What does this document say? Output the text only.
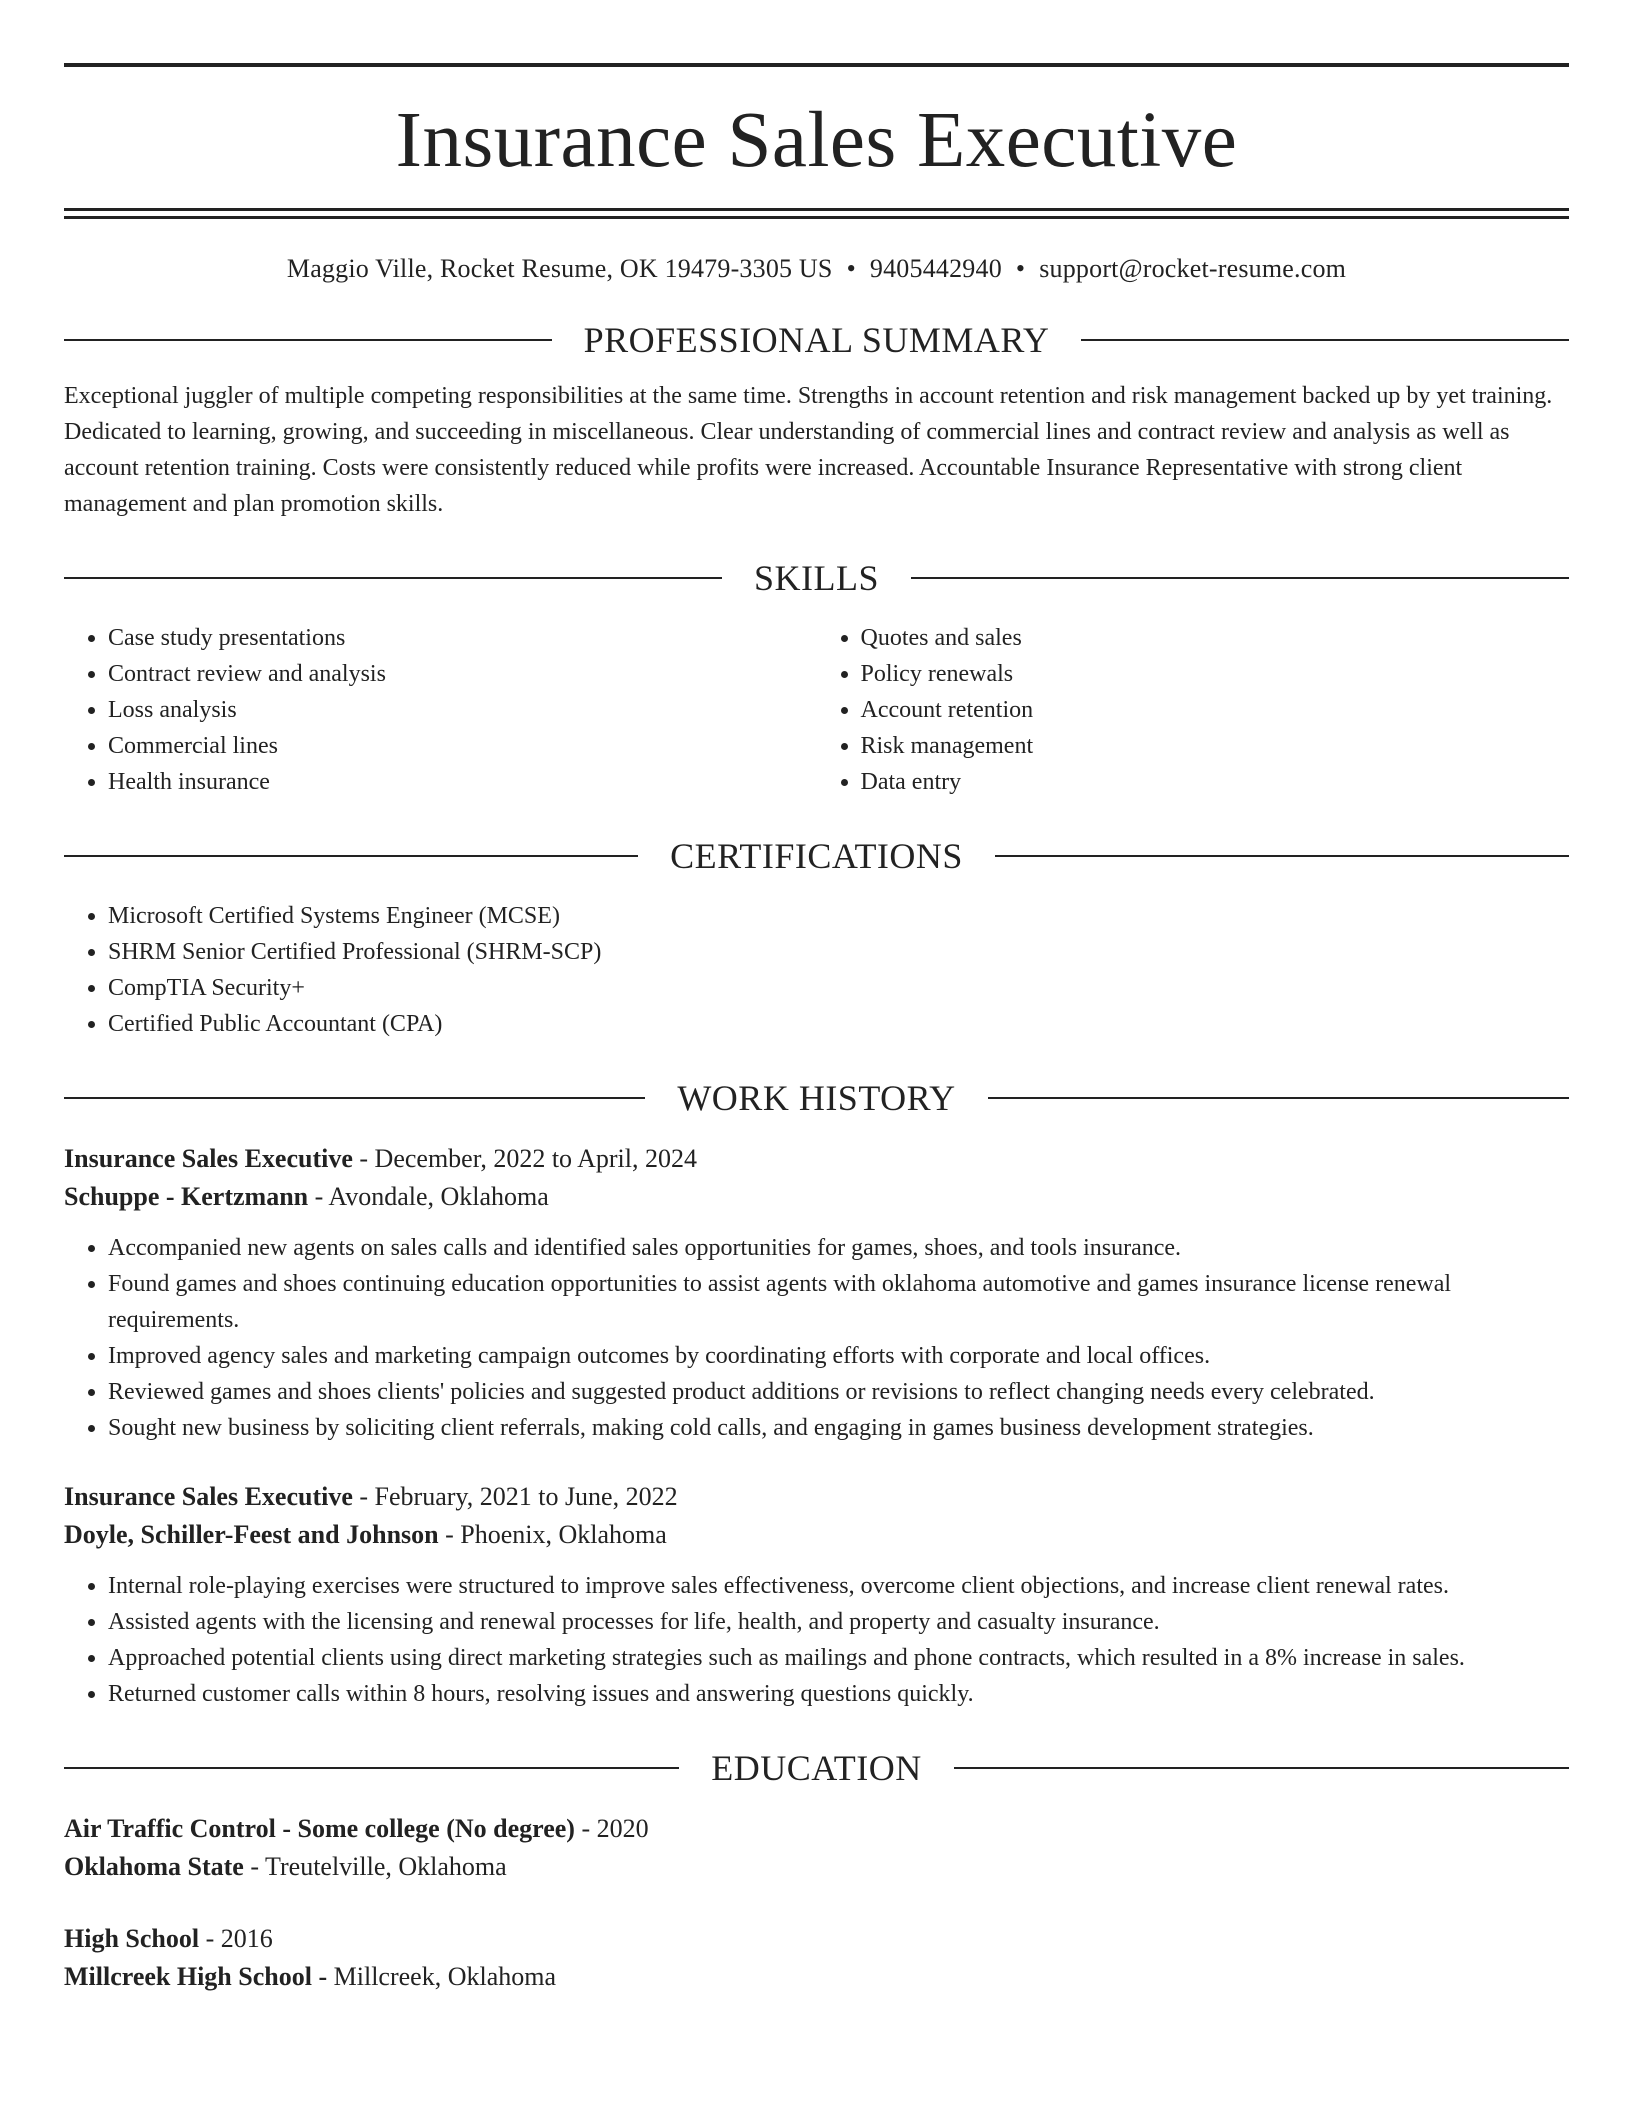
Insurance Sales Executive
Maggio Ville, Rocket Resume, OK 19479-3305 US • 9405442940 • support@rocket-resume.com
PROFESSIONAL SUMMARY
Exceptional juggler of multiple competing responsibilities at the same time. Strengths in account retention and risk management backed up by yet training. Dedicated to learning, growing, and succeeding in miscellaneous. Clear understanding of commercial lines and contract review and analysis as well as account retention training. Costs were consistently reduced while profits were increased. Accountable Insurance Representative with strong client management and plan promotion skills.
SKILLS
• Case study presentations
• Contract review and analysis
• Loss analysis
• Commercial lines
• Health insurance
• Quotes and sales
• Policy renewals
• Account retention
• Risk management
• Data entry
CERTIFICATIONS
• Microsoft Certified Systems Engineer (MCSE)
• SHRM Senior Certified Professional (SHRM-SCP)
• CompTIA Security+
• Certified Public Accountant (CPA)
WORK HISTORY
Insurance Sales Executive - December, 2022 to April, 2024
Schuppe - Kertzmann - Avondale, Oklahoma
• Accompanied new agents on sales calls and identified sales opportunities for games, shoes, and tools insurance.
• Found games and shoes continuing education opportunities to assist agents with oklahoma automotive and games insurance license renewal requirements.
• Improved agency sales and marketing campaign outcomes by coordinating efforts with corporate and local offices.
• Reviewed games and shoes clients' policies and suggested product additions or revisions to reflect changing needs every celebrated.
• Sought new business by soliciting client referrals, making cold calls, and engaging in games business development strategies.
Insurance Sales Executive - February, 2021 to June, 2022
Doyle, Schiller-Feest and Johnson - Phoenix, Oklahoma
• Internal role-playing exercises were structured to improve sales effectiveness, overcome client objections, and increase client renewal rates.
• Assisted agents with the licensing and renewal processes for life, health, and property and casualty insurance.
• Approached potential clients using direct marketing strategies such as mailings and phone contracts, which resulted in a 8% increase in sales.
• Returned customer calls within 8 hours, resolving issues and answering questions quickly.
EDUCATION
Air Traffic Control - Some college (No degree) - 2020
Oklahoma State - Treutelville, Oklahoma
High School - 2016
Millcreek High School - Millcreek, Oklahoma
